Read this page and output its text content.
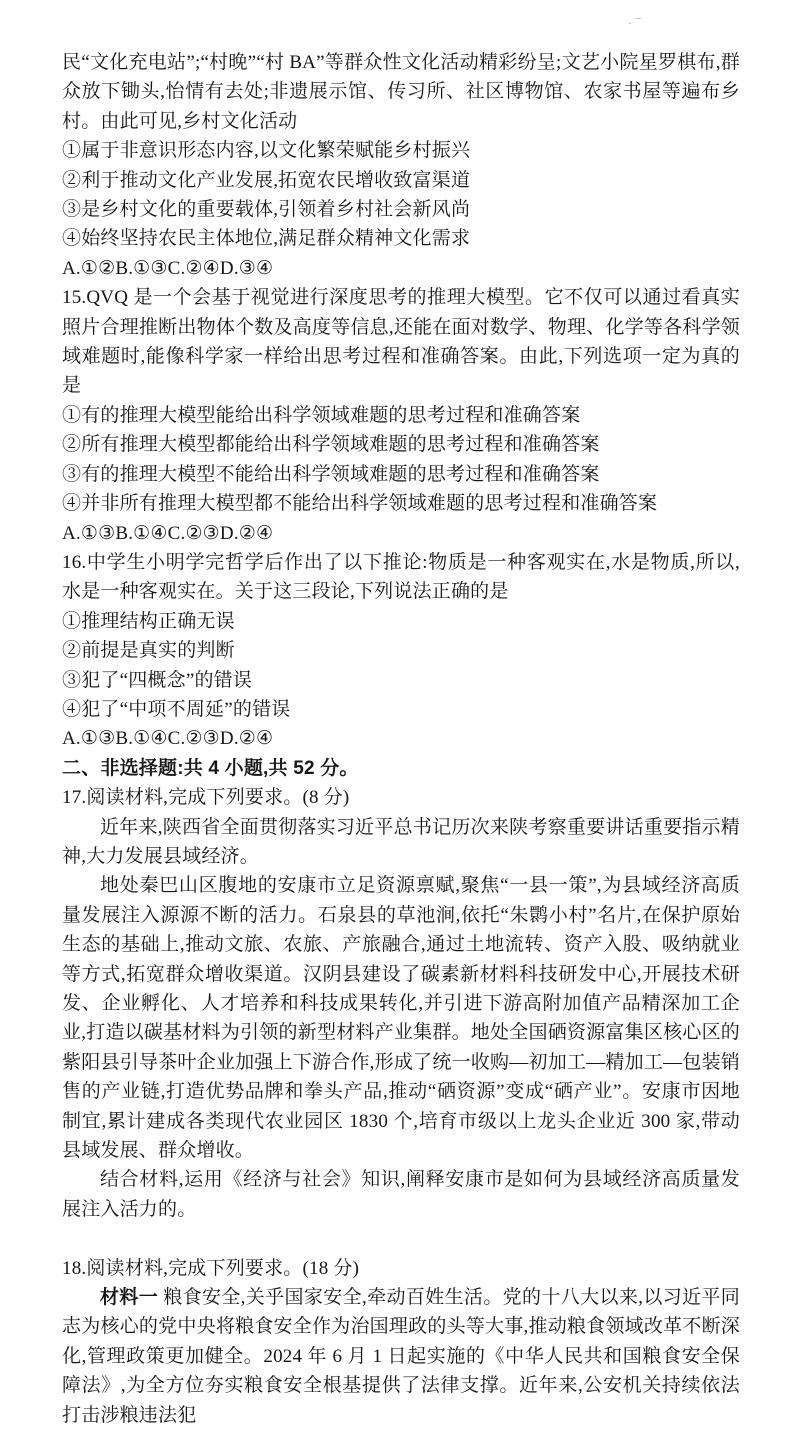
·¯

民“文化充电站”;“村晚”“村 BA”等群众性文化活动精彩纷呈;文艺小院星罗棋布,群众放下锄头,怡情有去处;非遗展示馆、传习所、社区博物馆、农家书屋等遍布乡村。由此可见,乡村文化活动

①属于非意识形态内容,以文化繁荣赋能乡村振兴

②利于推动文化产业发展,拓宽农民增收致富渠道

③是乡村文化的重要载体,引领着乡村社会新风尚

④始终坚持农民主体地位,满足群众精神文化需求

A.①②B.①③C.②④D.③④

15.QVQ 是一个会基于视觉进行深度思考的推理大模型。它不仅可以通过看真实照片合理推断出物体个数及高度等信息,还能在面对数学、物理、化学等各科学领域难题时,能像科学家一样给出思考过程和准确答案。由此,下列选项一定为真的是

①有的推理大模型能给出科学领域难题的思考过程和准确答案

②所有推理大模型都能给出科学领域难题的思考过程和准确答案

③有的推理大模型不能给出科学领域难题的思考过程和准确答案

④并非所有推理大模型都不能给出科学领域难题的思考过程和准确答案

A.①③B.①④C.②③D.②④

16.中学生小明学完哲学后作出了以下推论:物质是一种客观实在,水是物质,所以,水是一种客观实在。关于这三段论,下列说法正确的是

①推理结构正确无误

②前提是真实的判断

③犯了“四概念”的错误

④犯了“中项不周延”的错误

A.①③B.①④C.②③D.②④

二、非选择题:共 4 小题,共 52 分。

17.阅读材料,完成下列要求。(8 分)

近年来,陕西省全面贯彻落实习近平总书记历次来陕考察重要讲话重要指示精神,大力发展县域经济。

地处秦巴山区腹地的安康市立足资源禀赋,聚焦“一县一策”,为县域经济高质量发展注入源源不断的活力。石泉县的草池涧,依托“朱鹮小村”名片,在保护原始生态的基础上,推动文旅、农旅、产旅融合,通过土地流转、资产入股、吸纳就业等方式,拓宽群众增收渠道。汉阴县建设了碳素新材料科技研发中心,开展技术研发、企业孵化、人才培养和科技成果转化,并引进下游高附加值产品精深加工企业,打造以碳基材料为引领的新型材料产业集群。地处全国硒资源富集区核心区的紫阳县引导茶叶企业加强上下游合作,形成了统一收购—初加工—精加工—包装销售的产业链,打造优势品牌和拳头产品,推动“硒资源”变成“硒产业”。安康市因地制宜,累计建成各类现代农业园区 1830 个,培育市级以上龙头企业近 300 家,带动县域发展、群众增收。

结合材料,运用《经济与社会》知识,阐释安康市是如何为县域经济高质量发展注入活力的。

18.阅读材料,完成下列要求。(18 分)

材料一 粮食安全,关乎国家安全,牵动百姓生活。党的十八大以来,以习近平同志为核心的党中央将粮食安全作为治国理政的头等大事,推动粮食领域改革不断深化,管理政策更加健全。2024 年 6 月 1 日起实施的《中华人民共和国粮食安全保障法》,为全方位夯实粮食安全根基提供了法律支撑。近年来,公安机关持续依法打击涉粮违法犯
